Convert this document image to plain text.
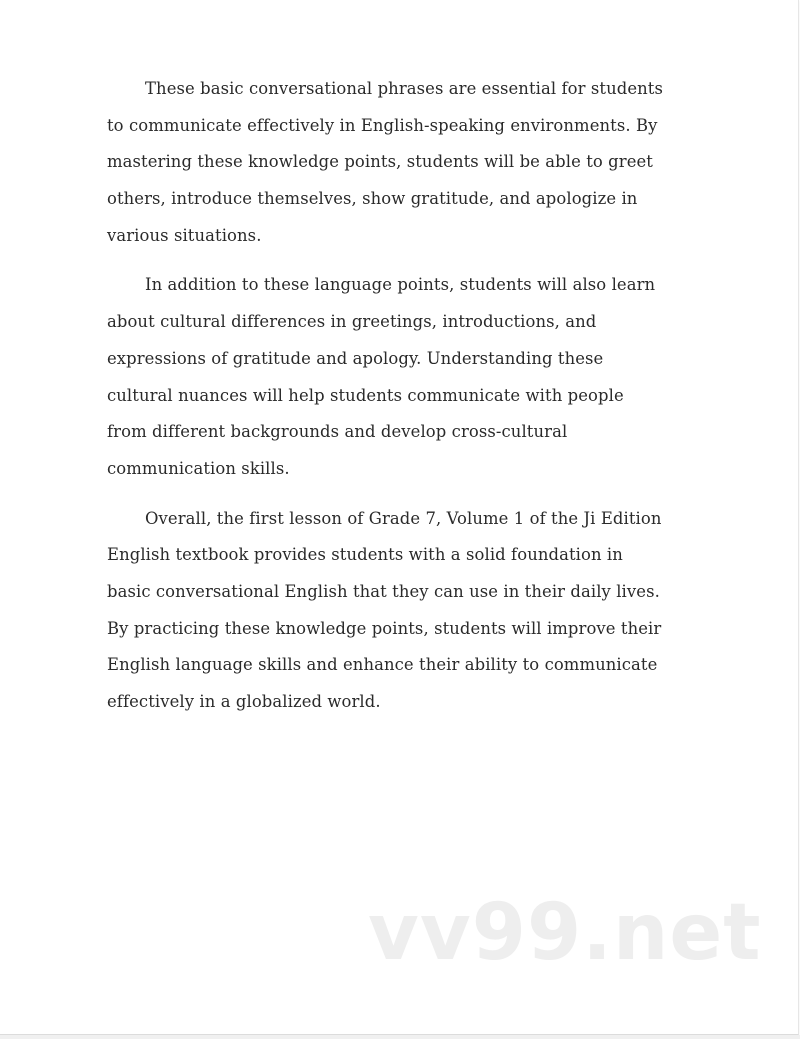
These basic conversational phrases are essential for students
to communicate effectively in English-speaking environments. By
mastering these knowledge points, students will be able to greet
others, introduce themselves, show gratitude, and apologize in
various situations.
In addition to these language points, students will also learn
about cultural differences in greetings, introductions, and
expressions of gratitude and apology. Understanding these
cultural nuances will help students communicate with people
from different backgrounds and develop cross-cultural
communication skills.
Overall, the first lesson of Grade 7, Volume 1 of the Ji Edition
English textbook provides students with a solid foundation in
basic conversational English that they can use in their daily lives.
By practicing these knowledge points, students will improve their
English language skills and enhance their ability to communicate
effectively in a globalized world.
vv99.net
